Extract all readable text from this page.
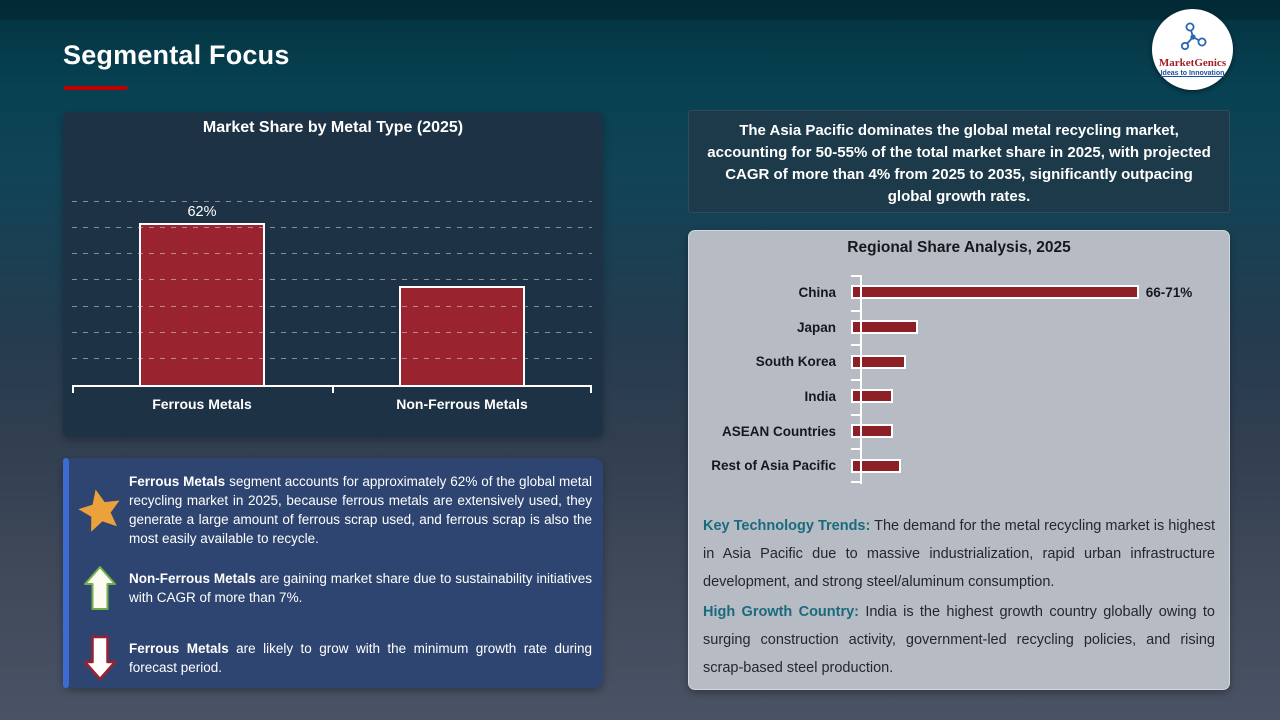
Segmental Focus	MarketGenics
Ideas to Innovation
Market Share by Metal Type (2025)
62%
Ferrous Metals	Non-Ferrous Metals
The Asia Pacific dominates the global metal recycling market, accounting for 50-55% of the total market share in 2025, with projected CAGR of more than 4% from 2025 to 2035, significantly outpacing global growth rates.
Regional Share Analysis, 2025
China	66-71%
Japan
South Korea
India
ASEAN Countries
Rest of Asia Pacific
Key Technology Trends: The demand for the metal recycling market is highest in Asia Pacific due to massive industrialization, rapid urban infrastructure development, and strong steel/aluminum consumption.
High Growth Country: India is the highest growth country globally owing to surging construction activity, government-led recycling policies, and rising scrap-based steel production.
Ferrous Metals segment accounts for approximately 62% of the global metal recycling market in 2025, because ferrous metals are extensively used, they generate a large amount of ferrous scrap used, and ferrous scrap is also the most easily available to recycle.
Non-Ferrous Metals are gaining market share due to sustainability initiatives with CAGR of more than 7%.
Ferrous Metals are likely to grow with the minimum growth rate during forecast period.
